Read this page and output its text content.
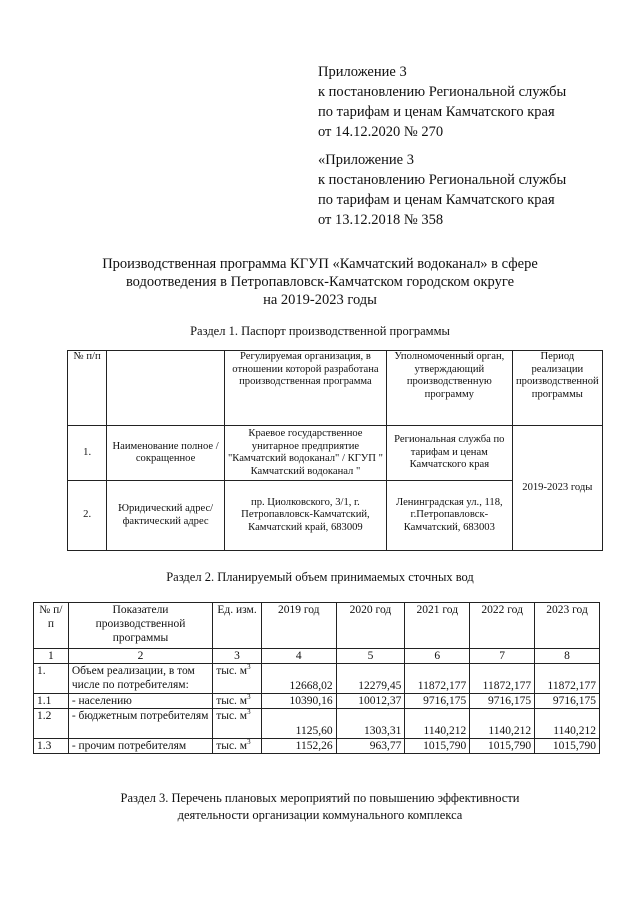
Приложение 3
к постановлению Региональной службы
по тарифам и ценам Камчатского края
от 14.12.2020 № 270
«Приложение 3
к постановлению Региональной службы
по тарифам и ценам Камчатского края
от 13.12.2018 № 358
Производственная программа КГУП «Камчатский водоканал» в сфере
водоотведения в Петропавловск-Камчатском городском округе
на 2019-2023 годы
Раздел 1. Паспорт производственной программы
№ п/п		Регулируемая организация, в отношении которой разработана производственная программа	Уполномоченный орган, утверждающий производственную программу	Период реализации производственной программы
1.	Наименование полное / сокращенное	Краевое государственное унитарное предприятие "Камчатский водоканал" / КГУП " Камчатский водоканал "	Региональная служба по тарифам и ценам Камчатского края	2019-2023 годы
2.	Юридический адрес/фактический адрес	пр. Циолковского, 3/1, г. Петропавловск-Камчатский, Камчатский край, 683009	Ленинградская ул., 118, г.Петропавловск-Камчатский, 683003	
Раздел 2. Планируемый объем принимаемых сточных вод
№ п/п	Показатели производственной программы	Ед. изм.	2019 год	2020 год	2021 год	2022 год	2023 год
1	2	3	4	5	6	7	8
1.	Объем реализации, в том числе по потребителям:	тыс. $м^3$	12668,02	12279,45	11872,177	11872,177	11872,177
1.1	- населению	тыс. $м^3$	10390,16	10012,37	9716,175	9716,175	9716,175
1.2	- бюджетным потребителям	тыс. $м^3$	1125,60	1303,31	1140,212	1140,212	1140,212
1.3	- прочим потребителям	тыс. $м^3$	1152,26	963,77	1015,790	1015,790	1015,790
Раздел 3. Перечень плановых мероприятий по повышению эффективности
деятельности организации коммунального комплекса
